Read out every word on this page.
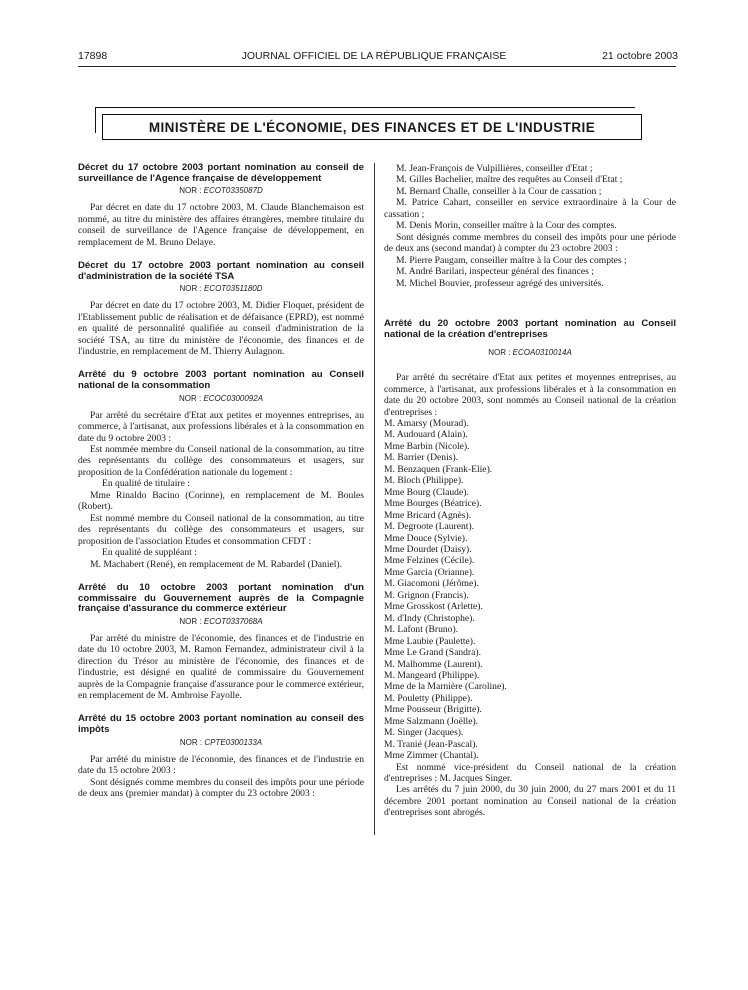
17898	JOURNAL OFFICIEL DE LA RÉPUBLIQUE FRANÇAISE	21 octobre 2003
MINISTÈRE DE L'ÉCONOMIE, DES FINANCES ET DE L'INDUSTRIE

Décret du 17 octobre 2003 portant nomination au conseil de surveillance de l'Agence française de développement

NOR : ECOT0335087D

Par décret en date du 17 octobre 2003, M. Claude Blanchemaison est nommé, au titre du ministère des affaires étrangères, membre titulaire du conseil de surveillance de l'Agence française de développement, en remplacement de M. Bruno Delaye.

Décret du 17 octobre 2003 portant nomination au conseil d'administration de la société TSA

NOR : ECOT0351180D

Par décret en date du 17 octobre 2003, M. Didier Floquet, président de l'Etablissement public de réalisation et de défaisance (EPRD), est nommé en qualité de personnalité qualifiée au conseil d'administration de la société TSA, au titre du ministère de l'économie, des finances et de l'industrie, en remplacement de M. Thierry Aulagnon.

Arrêté du 9 octobre 2003 portant nomination au Conseil national de la consommation

NOR : ECOC0300092A

Par arrêté du secrétaire d'Etat aux petites et moyennes entreprises, au commerce, à l'artisanat, aux professions libérales et à la consommation en date du 9 octobre 2003 :

Est nommée membre du Conseil national de la consommation, au titre des représentants du collège des consommateurs et usagers, sur proposition de la Confédération nationale du logement :

En qualité de titulaire :

Mme Rinaldo Bacino (Corinne), en remplacement de M. Boules (Robert).

Est nommé membre du Conseil national de la consommation, au titre des représentants du collège des consommateurs et usagers, sur proposition de l'association Etudes et consommation CFDT :

En qualité de suppléant :

M. Machabert (René), en remplacement de M. Rabardel (Daniel).

Arrêté du 10 octobre 2003 portant nomination d'un commissaire du Gouvernement auprès de la Compagnie française d'assurance du commerce extérieur

NOR : ECOT0337068A

Par arrêté du ministre de l'économie, des finances et de l'industrie en date du 10 octobre 2003, M. Ramon Fernandez, administrateur civil à la direction du Trésor au ministère de l'économie, des finances et de l'industrie, est désigné en qualité de commissaire du Gouvernement auprès de la Compagnie française d'assurance pour le commerce extérieur, en remplacement de M. Ambroise Fayolle.

Arrêté du 15 octobre 2003 portant nomination au conseil des impôts

NOR : CPTE0300133A

Par arrêté du ministre de l'économie, des finances et de l'industrie en date du 15 octobre 2003 :

Sont désignés comme membres du conseil des impôts pour une période de deux ans (premier mandat) à compter du 23 octobre 2003 :

M. Jean-François de Vulpillières, conseiller d'Etat ;

M. Gilles Bachelier, maître des requêtes au Conseil d'Etat ;

M. Bernard Challe, conseiller à la Cour de cassation ;

M. Patrice Cahart, conseiller en service extraordinaire à la Cour de cassation ;

M. Denis Morin, conseiller maître à la Cour des comptes.

Sont désignés comme membres du conseil des impôts pour une période de deux ans (second mandat) à compter du 23 octobre 2003 :

M. Pierre Paugam, conseiller maître à la Cour des comptes ;

M. André Barilari, inspecteur général des finances ;

M. Michel Bouvier, professeur agrégé des universités.

Arrêté du 20 octobre 2003 portant nomination au Conseil national de la création d'entreprises

NOR : ECOA0310014A

Par arrêté du secrétaire d'Etat aux petites et moyennes entreprises, au commerce, à l'artisanat, aux professions libérales et à la consommation en date du 20 octobre 2003, sont nommés au Conseil national de la création d'entreprises :

M. Amarsy (Mourad).

M. Audouard (Alain).

Mme Barbin (Nicole).

M. Barrier (Denis).

M. Benzaquen (Frank-Elie).

M. Bloch (Philippe).

Mme Bourg (Claude).

Mme Bourges (Béatrice).

Mme Bricard (Agnès).

M. Degroote (Laurent).

Mme Douce (Sylvie).

Mme Dourdet (Daisy).

Mme Felzines (Cécile).

Mme Garcia (Orianne).

M. Giacomoni (Jérôme).

M. Grignon (Francis).

Mme Grosskost (Arlette).

M. d'Indy (Christophe).

M. Lafont (Bruno).

Mme Laubie (Paulette).

Mme Le Grand (Sandra).

M. Malhomme (Laurent).

M. Mangeard (Philippe).

Mme de la Marnière (Caroline).

M. Pouletty (Philippe).

Mme Pousseur (Brigitte).

Mme Salzmann (Joëlle).

M. Singer (Jacques).

M. Tranié (Jean-Pascal).

Mme Zimmer (Chantal).

Est nommé vice-président du Conseil national de la création d'entreprises : M. Jacques Singer.

Les arrêtés du 7 juin 2000, du 30 juin 2000, du 27 mars 2001 et du 11 décembre 2001 portant nomination au Conseil national de la création d'entreprises sont abrogés.
